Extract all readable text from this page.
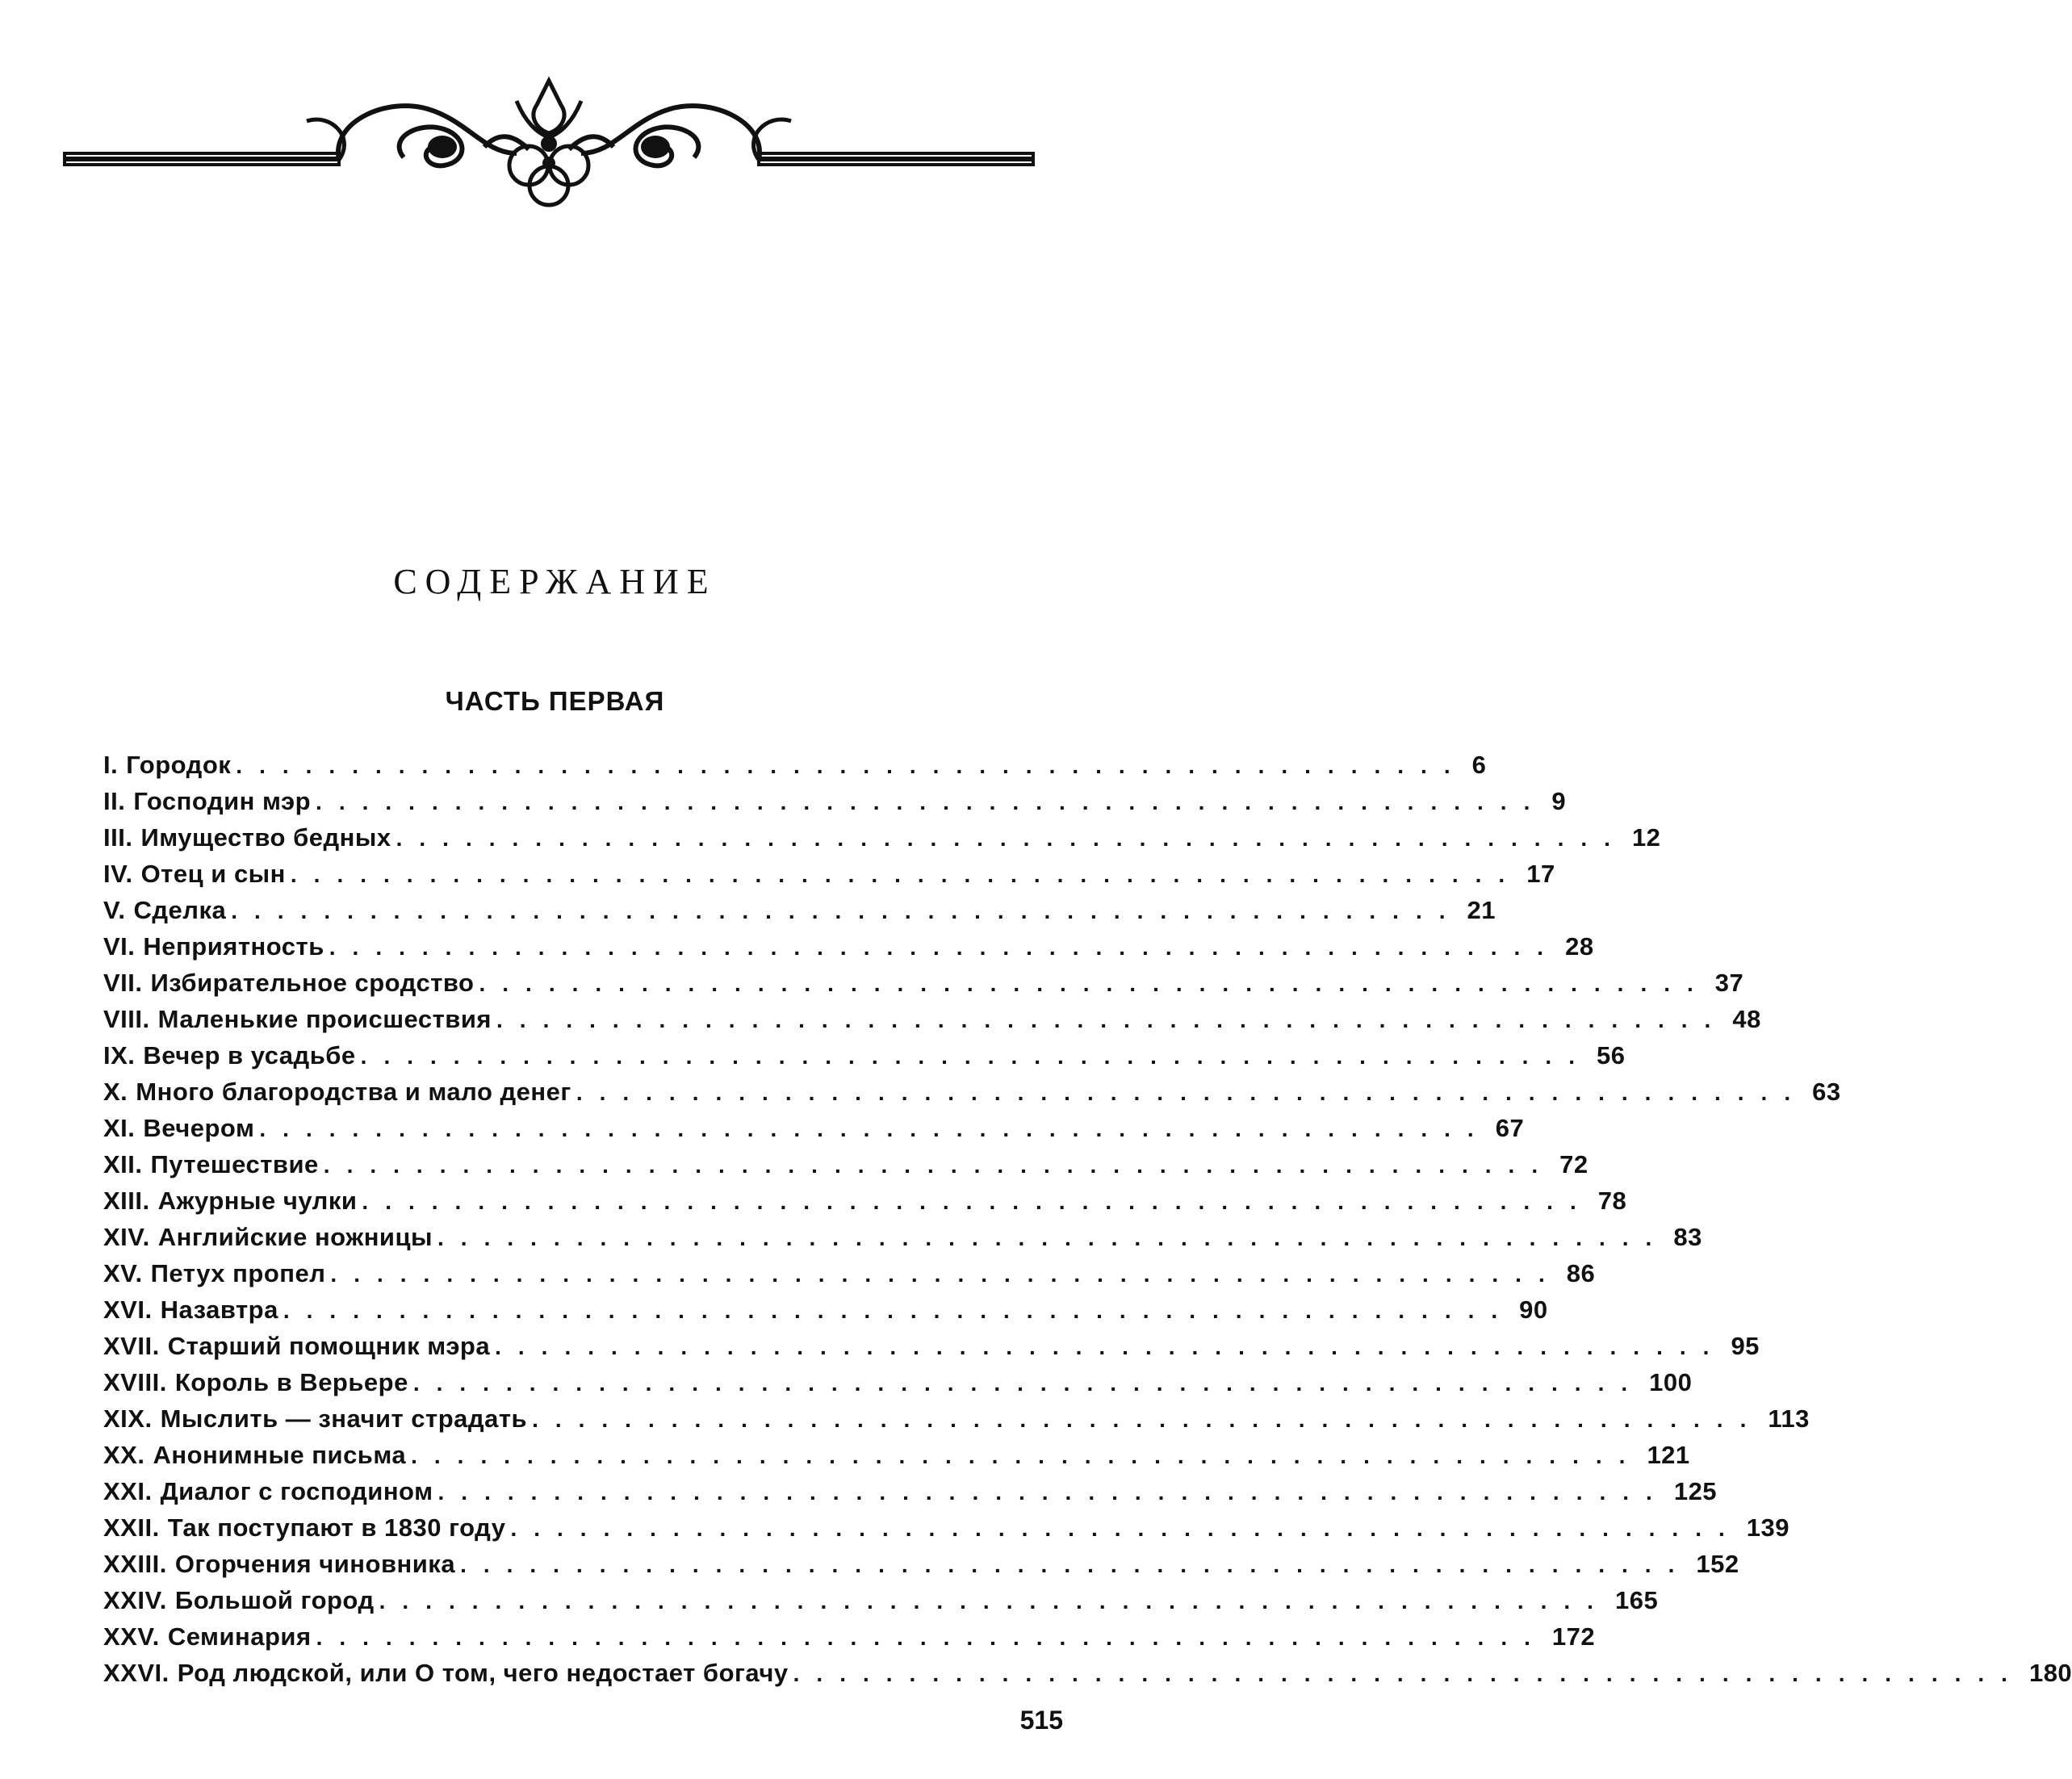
СОДЕРЖАНИЕ
ЧАСТЬ ПЕРВАЯ
I. Городок ..................................................... 6
II. Господин мэр ..................................................... 9
III. Имущество бедных ..................................................... 12
IV. Отец и сын ..................................................... 17
V. Сделка ..................................................... 21
VI. Неприятность ..................................................... 28
VII. Избирательное сродство ..................................................... 37
VIII. Маленькие происшествия ..................................................... 48
IX. Вечер в усадьбе ..................................................... 56
X. Много благородства и мало денег ..................................................... 63
XI. Вечером ..................................................... 67
XII. Путешествие ..................................................... 72
XIII. Ажурные чулки ..................................................... 78
XIV. Английские ножницы ..................................................... 83
XV. Петух пропел ..................................................... 86
XVI. Назавтра ..................................................... 90
XVII. Старший помощник мэра ..................................................... 95
XVIII. Король в Верьере ..................................................... 100
XIX. Мыслить — значит страдать ..................................................... 113
XX. Анонимные письма ..................................................... 121
XXI. Диалог с господином ..................................................... 125
XXII. Так поступают в 1830 году ..................................................... 139
XXIII. Огорчения чиновника ..................................................... 152
XXIV. Большой город ..................................................... 165
XXV. Семинария ..................................................... 172
XXVI. Род людской, или О том, чего недостает богачу ..................................................... 180
515
